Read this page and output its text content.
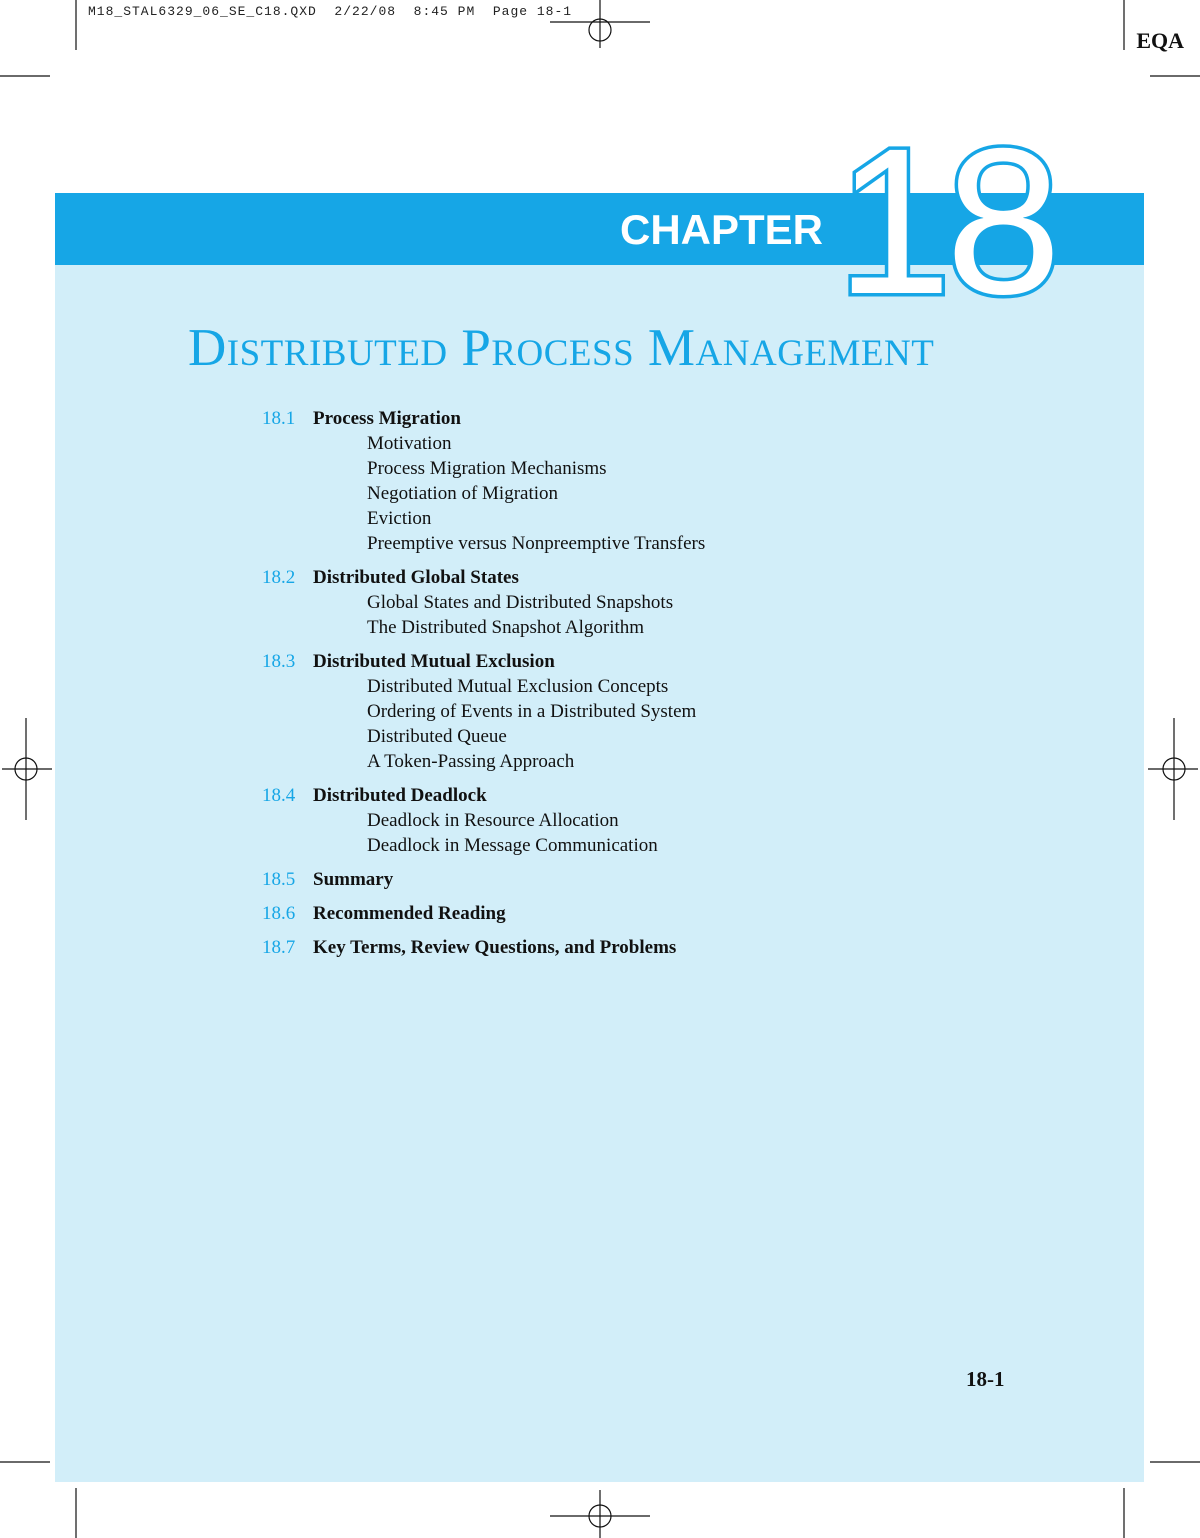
M18_STAL6329_06_SE_C18.QXD  2/22/08  8:45 PM  Page 18-1
EQA
CHAPTER 18
Distributed Process Management
18.1 Process Migration
Motivation
Process Migration Mechanisms
Negotiation of Migration
Eviction
Preemptive versus Nonpreemptive Transfers
18.2 Distributed Global States
Global States and Distributed Snapshots
The Distributed Snapshot Algorithm
18.3 Distributed Mutual Exclusion
Distributed Mutual Exclusion Concepts
Ordering of Events in a Distributed System
Distributed Queue
A Token-Passing Approach
18.4 Distributed Deadlock
Deadlock in Resource Allocation
Deadlock in Message Communication
18.5 Summary
18.6 Recommended Reading
18.7 Key Terms, Review Questions, and Problems
18-1
